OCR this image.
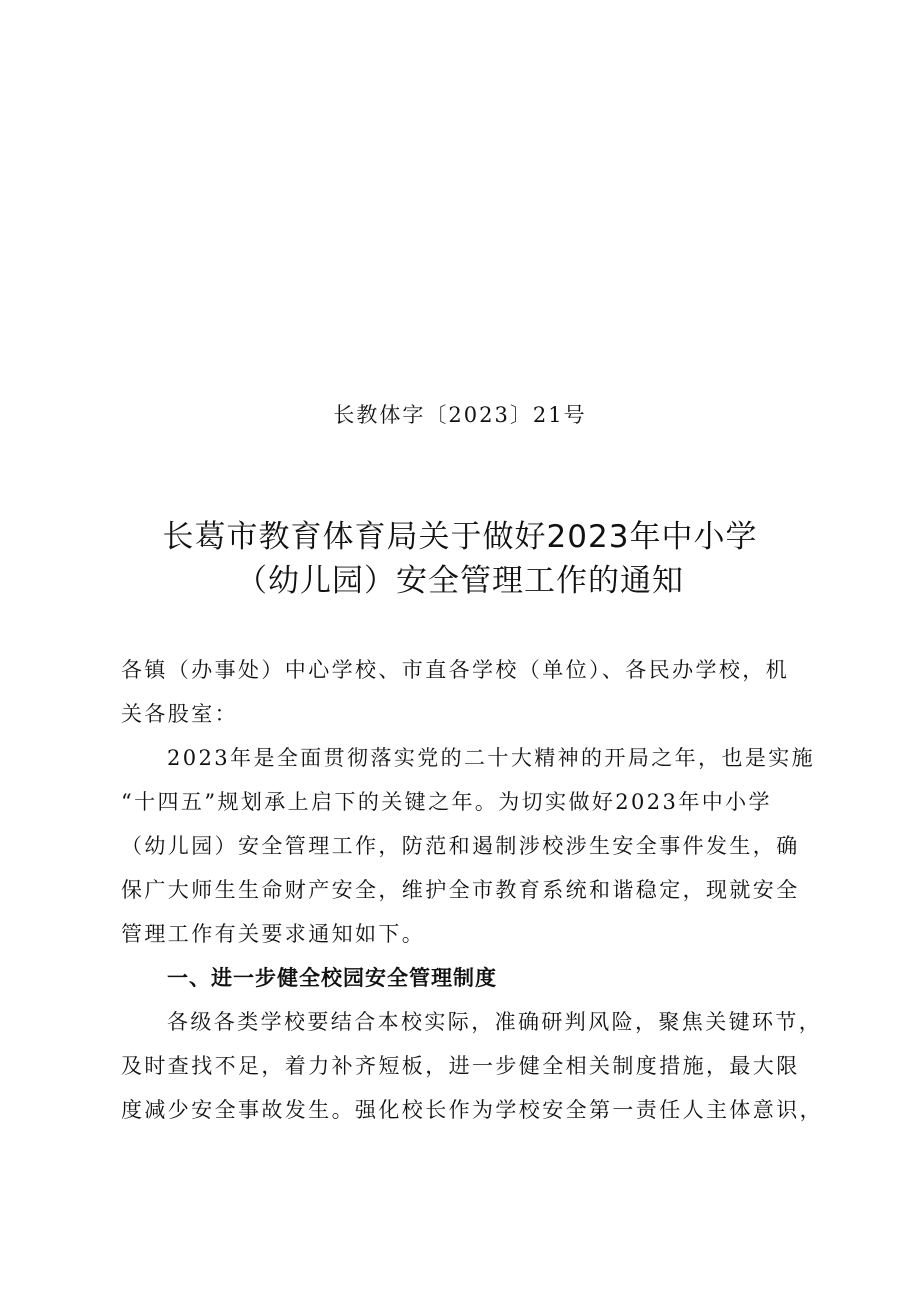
长教体字〔2023〕21号
长葛市教育体育局关于做好2023年中小学
（幼儿园）安全管理工作的通知
各镇（办事处）中心学校、市直各学校（单位）、各民办学校，机
关各股室：
2023年是全面贯彻落实党的二十大精神的开局之年，也是实施
“十四五”规划承上启下的关键之年。为切实做好2023年中小学
（幼儿园）安全管理工作，防范和遏制涉校涉生安全事件发生，确
保广大师生生命财产安全，维护全市教育系统和谐稳定，现就安全
管理工作有关要求通知如下。
一、进一步健全校园安全管理制度
各级各类学校要结合本校实际，准确研判风险，聚焦关键环节，
及时查找不足，着力补齐短板，进一步健全相关制度措施，最大限
度减少安全事故发生。强化校长作为学校安全第一责任人主体意识，
